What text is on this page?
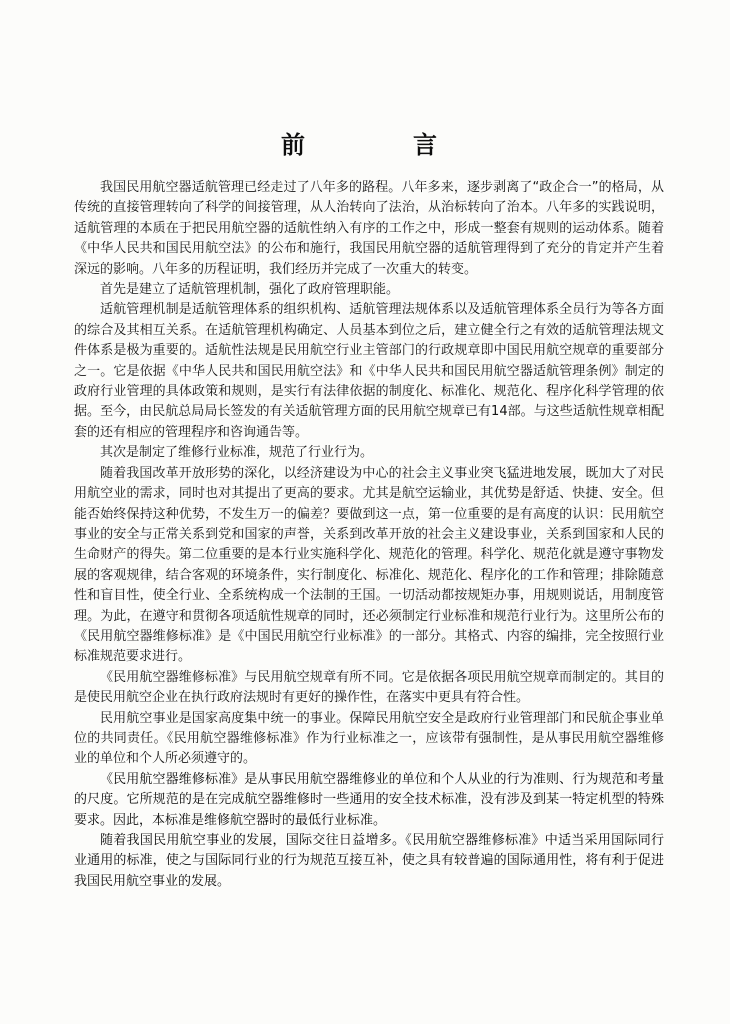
前言

我国民用航空器适航管理已经走过了八年多的路程。八年多来，逐步剥离了“政企合一”的格局，从传统的直接管理转向了科学的间接管理，从人治转向了法治，从治标转向了治本。八年多的实践说明，适航管理的本质在于把民用航空器的适航性纳入有序的工作之中，形成一整套有规则的运动体系。随着《中华人民共和国民用航空法》的公布和施行，我国民用航空器的适航管理得到了充分的肯定并产生着深远的影响。八年多的历程证明，我们经历并完成了一次重大的转变。

首先是建立了适航管理机制，强化了政府管理职能。

适航管理机制是适航管理体系的组织机构、适航管理法规体系以及适航管理体系全员行为等各方面的综合及其相互关系。在适航管理机构确定、人员基本到位之后，建立健全行之有效的适航管理法规文件体系是极为重要的。适航性法规是民用航空行业主管部门的行政规章即中国民用航空规章的重要部分之一。它是依据《中华人民共和国民用航空法》和《中华人民共和国民用航空器适航管理条例》制定的政府行业管理的具体政策和规则，是实行有法律依据的制度化、标准化、规范化、程序化科学管理的依据。至今，由民航总局局长签发的有关适航管理方面的民用航空规章已有14部。与这些适航性规章相配套的还有相应的管理程序和咨询通告等。

其次是制定了维修行业标准，规范了行业行为。

随着我国改革开放形势的深化，以经济建设为中心的社会主义事业突飞猛进地发展，既加大了对民用航空业的需求，同时也对其提出了更高的要求。尤其是航空运输业，其优势是舒适、快捷、安全。但能否始终保持这种优势，不发生万一的偏差？要做到这一点，第一位重要的是有高度的认识：民用航空事业的安全与正常关系到党和国家的声誉，关系到改革开放的社会主义建设事业，关系到国家和人民的生命财产的得失。第二位重要的是本行业实施科学化、规范化的管理。科学化、规范化就是遵守事物发展的客观规律，结合客观的环境条件，实行制度化、标准化、规范化、程序化的工作和管理；排除随意性和盲目性，使全行业、全系统构成一个法制的王国。一切活动都按规矩办事，用规则说话，用制度管理。为此，在遵守和贯彻各项适航性规章的同时，还必须制定行业标准和规范行业行为。这里所公布的《民用航空器维修标准》是《中国民用航空行业标准》的一部分。其格式、内容的编排，完全按照行业标准规范要求进行。

《民用航空器维修标准》与民用航空规章有所不同。它是依据各项民用航空规章而制定的。其目的是使民用航空企业在执行政府法规时有更好的操作性，在落实中更具有符合性。

民用航空事业是国家高度集中统一的事业。保障民用航空安全是政府行业管理部门和民航企事业单位的共同责任。《民用航空器维修标准》作为行业标准之一，应该带有强制性，是从事民用航空器维修业的单位和个人所必须遵守的。

《民用航空器维修标准》是从事民用航空器维修业的单位和个人从业的行为准则、行为规范和考量的尺度。它所规范的是在完成航空器维修时一些通用的安全技术标准，没有涉及到某一特定机型的特殊要求。因此，本标准是维修航空器时的最低行业标准。

随着我国民用航空事业的发展，国际交往日益增多。《民用航空器维修标准》中适当采用国际同行业通用的标准，使之与国际同行业的行为规范互接互补，使之具有较普遍的国际通用性，将有利于促进我国民用航空事业的发展。
